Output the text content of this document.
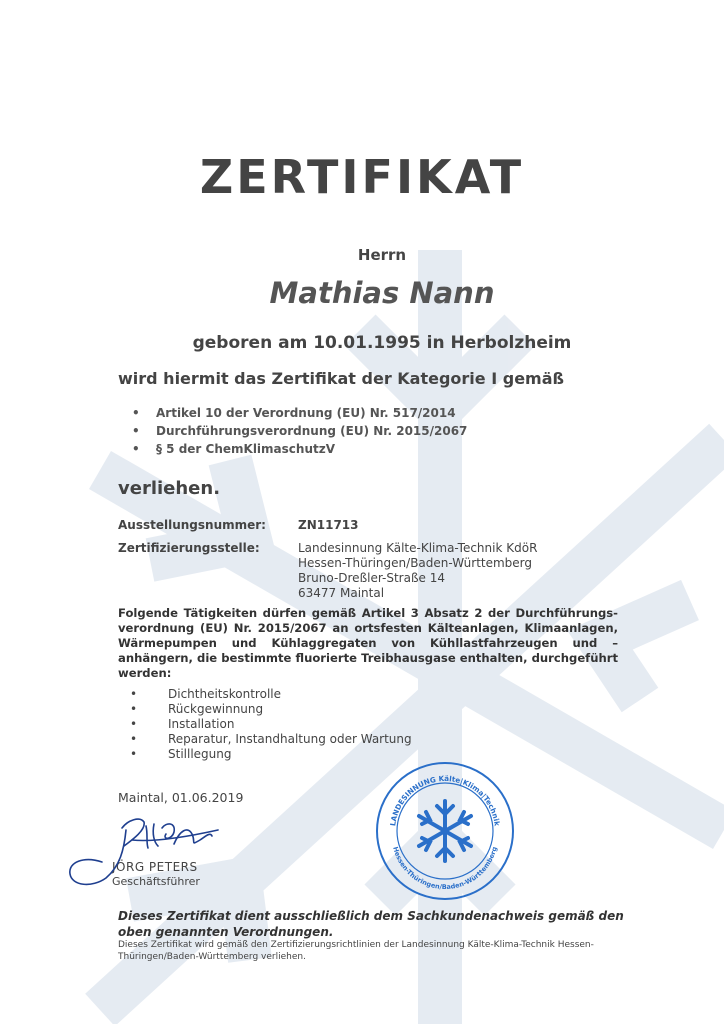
ZERTIFIKAT
Herrn
Mathias Nann
geboren am 10.01.1995 in Herbolzheim
wird hiermit das Zertifikat der Kategorie I gemäß
• Artikel 10 der Verordnung (EU) Nr. 517/2014
• Durchführungsverordnung (EU) Nr. 2015/2067
• § 5 der ChemKlimaschutzV
verliehen.
Ausstellungsnummer:	ZN11713
Zertifizierungsstelle:	Landesinnung Kälte-Klima-Technik KdöR
Hessen-Thüringen/Baden-Württemberg
Bruno-Dreßler-Straße 14
63477 Maintal
Folgende Tätigkeiten dürfen gemäß Artikel 3 Absatz 2 der Durchführungs-verordnung (EU) Nr. 2015/2067 an ortsfesten Kälteanlagen, Klimaanlagen, Wärmepumpen und Kühlaggregaten von Kühllastfahrzeugen und –anhängern, die bestimmte fluorierte Treibhausgase enthalten, durchgeführt werden:
•	Dichtheitskontrolle
•	Rückgewinnung
•	Installation
•	Reparatur, Instandhaltung oder Wartung
•	Stilllegung
Maintal, 01.06.2019
JÖRG PETERS
Geschäftsführer
LANDESINNUNG Kälte|Klima|Technik
Hessen-Thüringen/Baden-Württemberg
Dieses Zertifikat dient ausschließlich dem Sachkundenachweis gemäß den oben genannten Verordnungen.
Dieses Zertifikat wird gemäß den Zertifizierungsrichtlinien der Landesinnung Kälte-Klima-Technik Hessen-Thüringen/Baden-Württemberg verliehen.
